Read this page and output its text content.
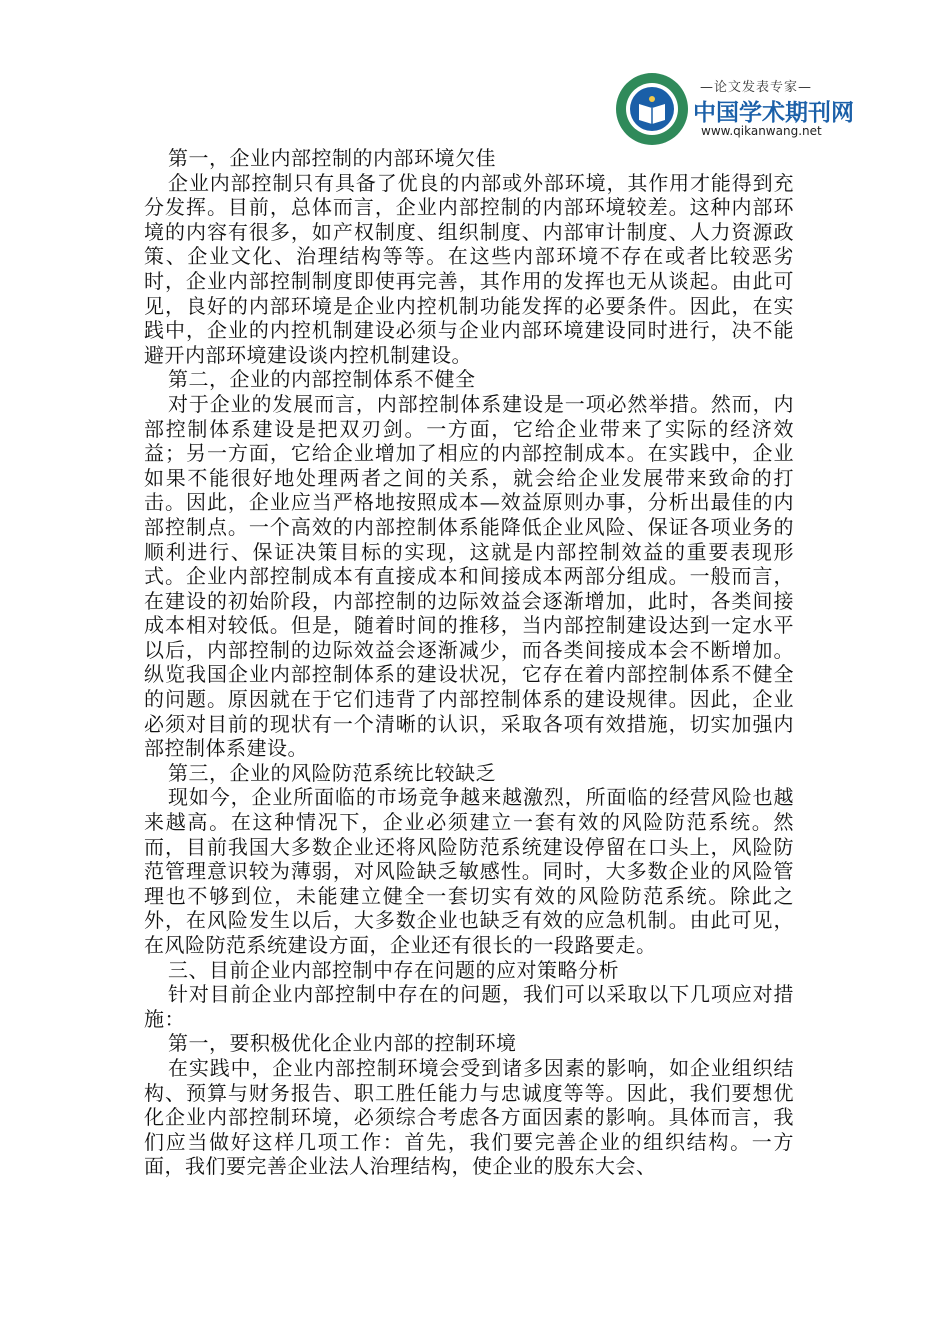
—论文发表专家—
中国学术期刊网
www.qikanwang.net

第一，企业内部控制的内部环境欠佳

企业内部控制只有具备了优良的内部或外部环境，其作用才能得到充分发挥。目前，总体而言，企业内部控制的内部环境较差。这种内部环境的内容有很多，如产权制度、组织制度、内部审计制度、人力资源政策、企业文化、治理结构等等。在这些内部环境不存在或者比较恶劣时，企业内部控制制度即使再完善，其作用的发挥也无从谈起。由此可见，良好的内部环境是企业内控机制功能发挥的必要条件。因此，在实践中，企业的内控机制建设必须与企业内部环境建设同时进行，决不能避开内部环境建设谈内控机制建设。

第二，企业的内部控制体系不健全

对于企业的发展而言，内部控制体系建设是一项必然举措。然而，内部控制体系建设是把双刃剑。一方面，它给企业带来了实际的经济效益；另一方面，它给企业增加了相应的内部控制成本。在实践中，企业如果不能很好地处理两者之间的关系，就会给企业发展带来致命的打击。因此，企业应当严格地按照成本—效益原则办事，分析出最佳的内部控制点。一个高效的内部控制体系能降低企业风险、保证各项业务的顺利进行、保证决策目标的实现，这就是内部控制效益的重要表现形式。企业内部控制成本有直接成本和间接成本两部分组成。一般而言，在建设的初始阶段，内部控制的边际效益会逐渐增加，此时，各类间接成本相对较低。但是，随着时间的推移，当内部控制建设达到一定水平以后，内部控制的边际效益会逐渐减少，而各类间接成本会不断增加。纵览我国企业内部控制体系的建设状况，它存在着内部控制体系不健全的问题。原因就在于它们违背了内部控制体系的建设规律。因此，企业必须对目前的现状有一个清晰的认识，采取各项有效措施，切实加强内部控制体系建设。

第三，企业的风险防范系统比较缺乏

现如今，企业所面临的市场竞争越来越激烈，所面临的经营风险也越来越高。在这种情况下，企业必须建立一套有效的风险防范系统。然而，目前我国大多数企业还将风险防范系统建设停留在口头上，风险防范管理意识较为薄弱，对风险缺乏敏感性。同时，大多数企业的风险管理也不够到位，未能建立健全一套切实有效的风险防范系统。除此之外，在风险发生以后，大多数企业也缺乏有效的应急机制。由此可见，在风险防范系统建设方面，企业还有很长的一段路要走。

三、目前企业内部控制中存在问题的应对策略分析

针对目前企业内部控制中存在的问题，我们可以采取以下几项应对措施：

第一，要积极优化企业内部的控制环境

在实践中，企业内部控制环境会受到诸多因素的影响，如企业组织结构、预算与财务报告、职工胜任能力与忠诚度等等。因此，我们要想优化企业内部控制环境，必须综合考虑各方面因素的影响。具体而言，我们应当做好这样几项工作：首先，我们要完善企业的组织结构。一方面，我们要完善企业法人治理结构，使企业的股东大会、
